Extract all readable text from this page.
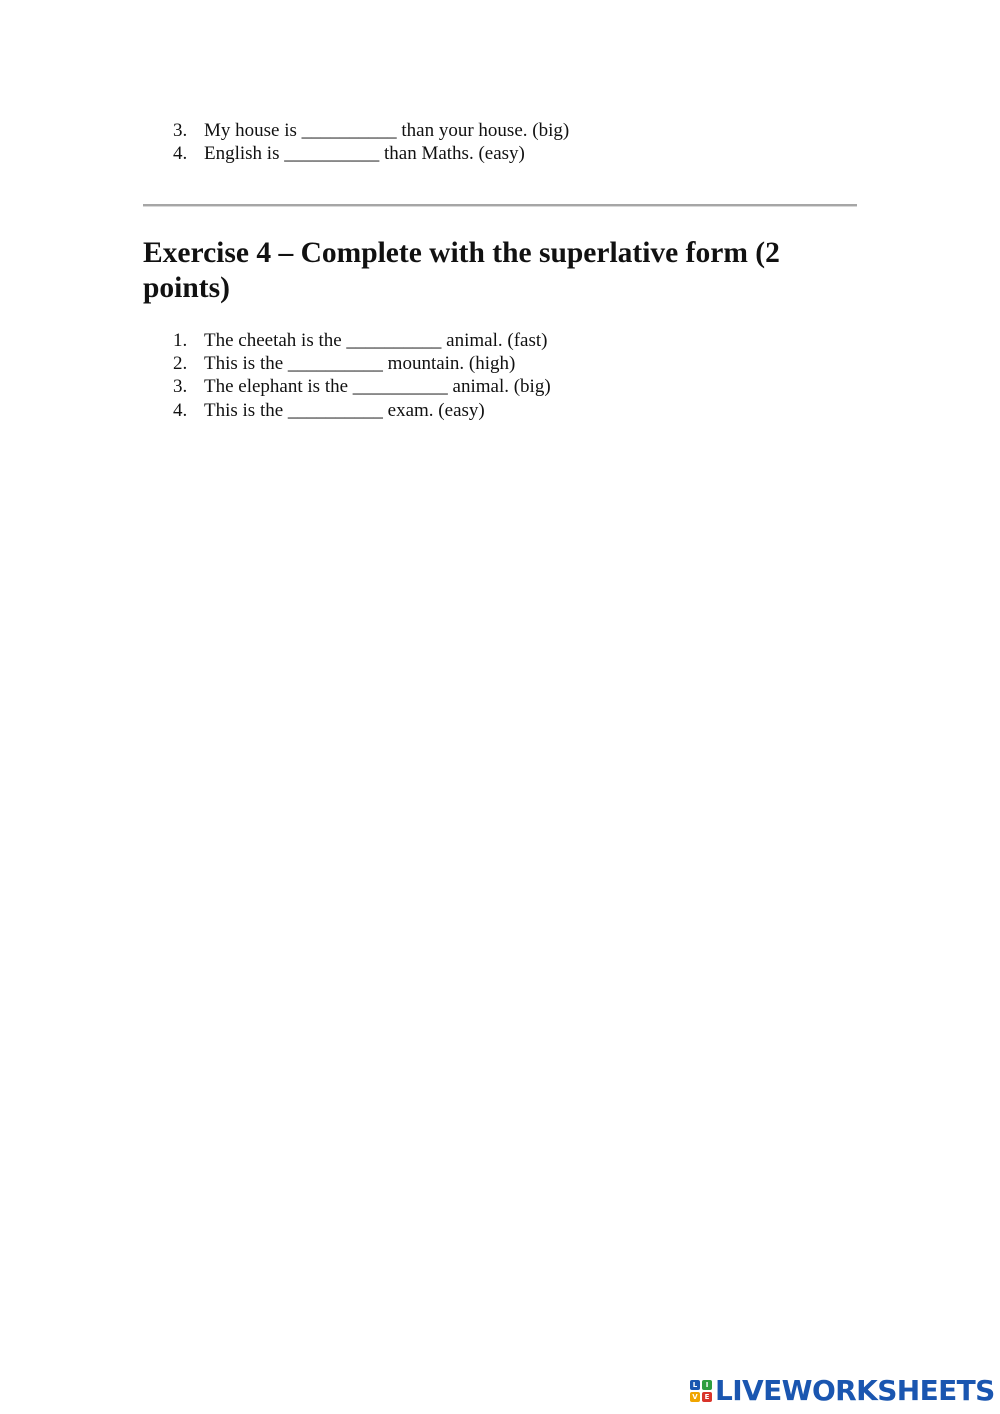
3. My house is __________ than your house. (big)
4. English is __________ than Maths. (easy)
Exercise 4 – Complete with the superlative form (2 points)
1. The cheetah is the __________ animal. (fast)
2. This is the __________ mountain. (high)
3. The elephant is the __________ animal. (big)
4. This is the __________ exam. (easy)
L	I
V E LIVEWORKSHEETS
